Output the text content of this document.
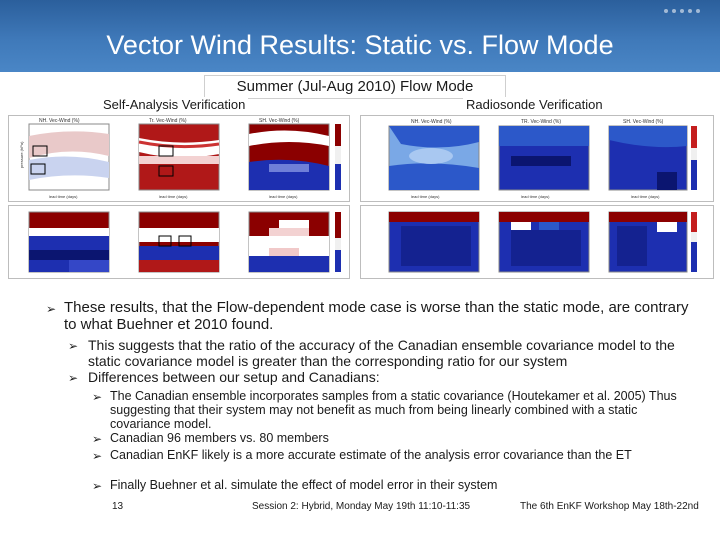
Vector Wind Results: Static vs. Flow Mode
Summer (Jul-Aug 2010) Flow Mode
Self-Analysis Verification	Radiosonde Verification
NH. Vec-Wind (%)
pressure (hPa)
Tr. Vec-Wind (%)	SH. Vec-Wind (%)
lead time (days)	lead time (days)	lead time (days)
NH. Vec-Wind (%)	TR. Vec-Wind (%)	SH. Vec-Wind (%)
lead time (days)	lead time (days)	lead time (days)
➢ These results, that the Flow-dependent mode case is worse than the static mode, are contrary to what Buehner et 2010 found.
➢ This suggests that the ratio of the accuracy of the Canadian ensemble covariance model to the static covariance model is greater than the corresponding ratio for our system
➢ Differences between our setup and Canadians:
➢ The Canadian ensemble incorporates samples from a static covariance (Houtekamer et al. 2005) Thus suggesting that their system may not benefit as much from being linearly combined with a static covariance model.
➢ Canadian 96 members vs. 80 members
➢ Canadian EnKF likely is a more accurate estimate of the analysis error covariance than the ET
➢ Finally Buehner et al. simulate the effect of model error in their system
13	Session 2: Hybrid, Monday May 19th 11:10-11:35	The 6th EnKF Workshop May 18th-22nd
